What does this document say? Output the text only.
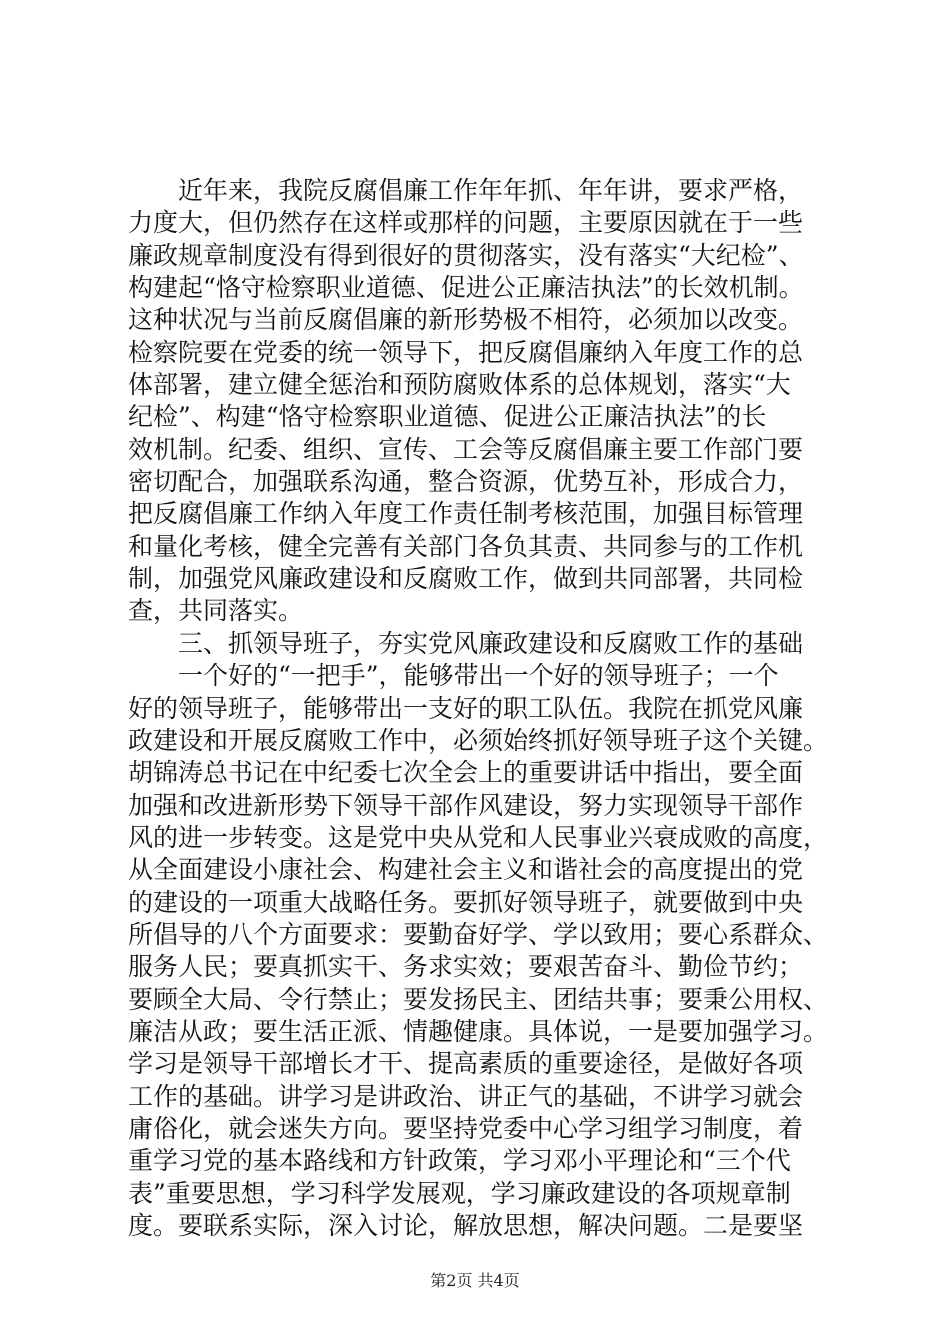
近年来，我院反腐倡廉工作年年抓、年年讲，要求严格，
力度大，但仍然存在这样或那样的问题，主要原因就在于一些
廉政规章制度没有得到很好的贯彻落实，没有落实“大纪检”、
构建起“恪守检察职业道德、促进公正廉洁执法”的长效机制。
这种状况与当前反腐倡廉的新形势极不相符，必须加以改变。
检察院要在党委的统一领导下，把反腐倡廉纳入年度工作的总
体部署，建立健全惩治和预防腐败体系的总体规划，落实“大
纪检”、构建“恪守检察职业道德、促进公正廉洁执法”的长
效机制。纪委、组织、宣传、工会等反腐倡廉主要工作部门要
密切配合，加强联系沟通，整合资源，优势互补，形成合力，
把反腐倡廉工作纳入年度工作责任制考核范围，加强目标管理
和量化考核，健全完善有关部门各负其责、共同参与的工作机
制，加强党风廉政建设和反腐败工作，做到共同部署，共同检
查，共同落实。
三、抓领导班子，夯实党风廉政建设和反腐败工作的基础
一个好的“一把手”，能够带出一个好的领导班子；一个
好的领导班子，能够带出一支好的职工队伍。我院在抓党风廉
政建设和开展反腐败工作中，必须始终抓好领导班子这个关键。
胡锦涛总书记在中纪委七次全会上的重要讲话中指出，要全面
加强和改进新形势下领导干部作风建设，努力实现领导干部作
风的进一步转变。这是党中央从党和人民事业兴衰成败的高度，
从全面建设小康社会、构建社会主义和谐社会的高度提出的党
的建设的一项重大战略任务。要抓好领导班子，就要做到中央
所倡导的八个方面要求：要勤奋好学、学以致用；要心系群众、
服务人民；要真抓实干、务求实效；要艰苦奋斗、勤俭节约；
要顾全大局、令行禁止；要发扬民主、团结共事；要秉公用权、
廉洁从政；要生活正派、情趣健康。具体说，一是要加强学习。
学习是领导干部增长才干、提高素质的重要途径，是做好各项
工作的基础。讲学习是讲政治、讲正气的基础，不讲学习就会
庸俗化，就会迷失方向。要坚持党委中心学习组学习制度，着
重学习党的基本路线和方针政策，学习邓小平理论和“三个代
表”重要思想，学习科学发展观，学习廉政建设的各项规章制
度。要联系实际，深入讨论，解放思想，解决问题。二是要坚
第2页 共4页
